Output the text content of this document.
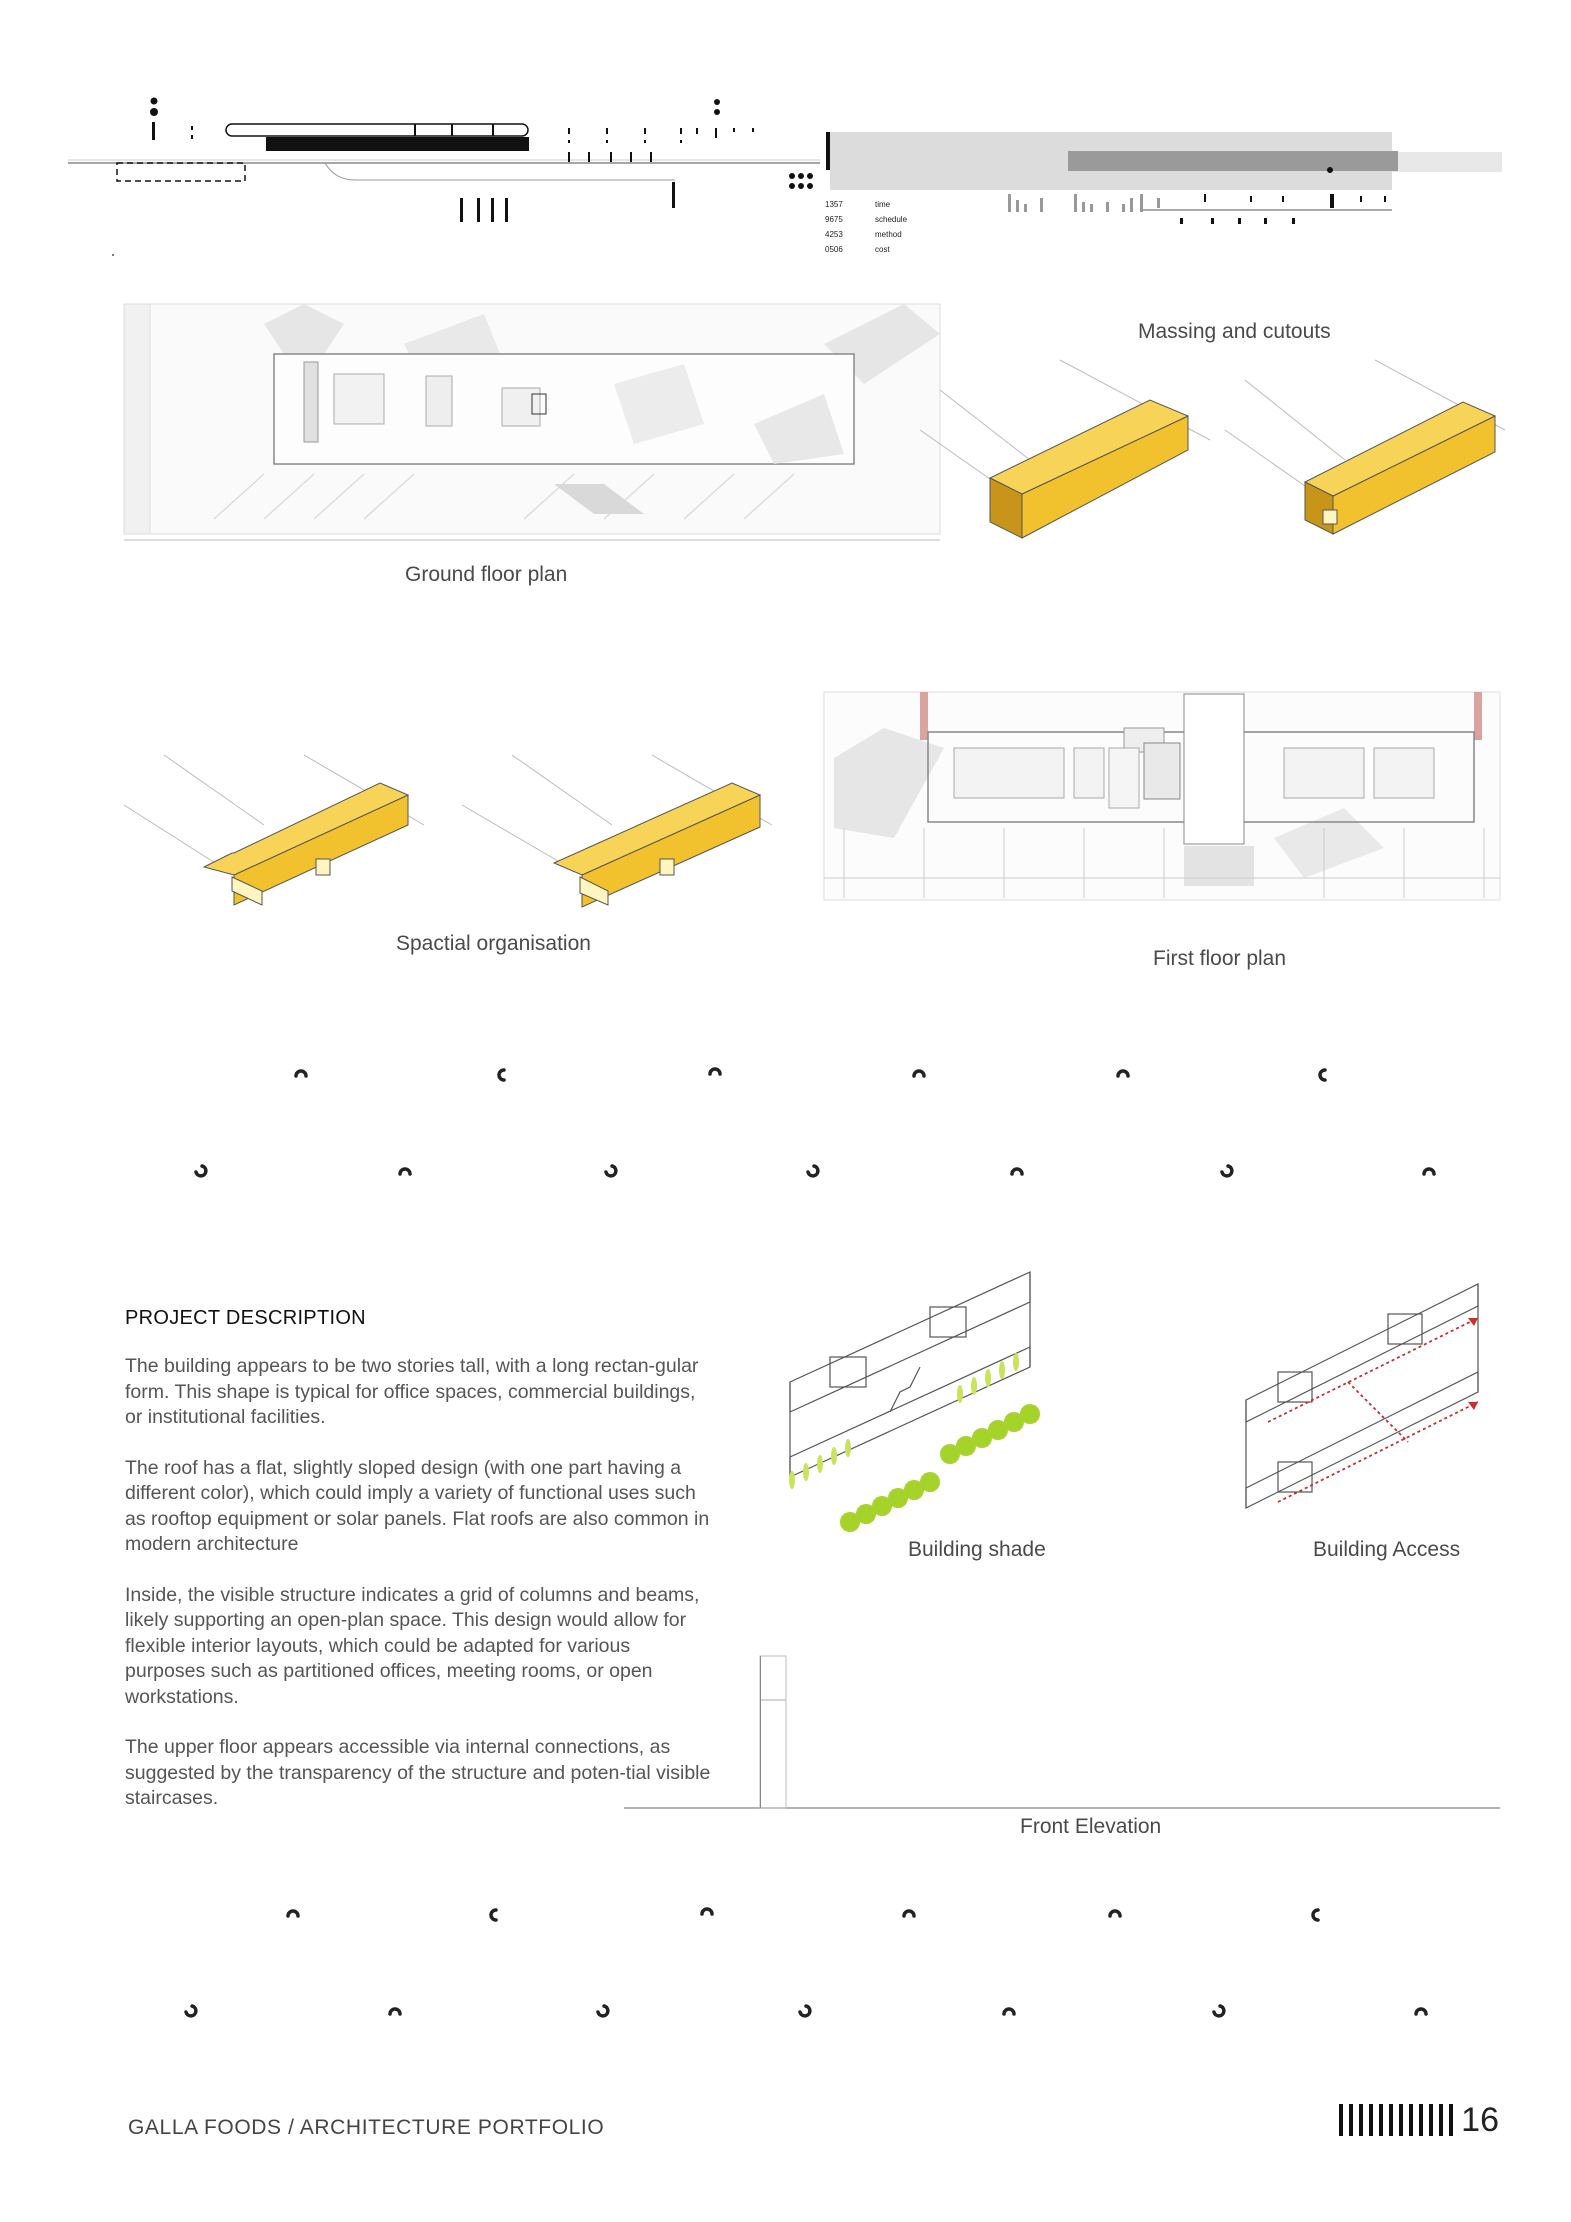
1357	time
9675	schedule
4253	method
0506	cost
Ground floor plan
Massing and cutouts
Spactial organisation
First floor plan
PROJECT DESCRIPTION

The building appears to be two stories tall, with a long rectan-gular form. This shape is typical for office spaces, commercial buildings, or institutional facilities.

The roof has a flat, slightly sloped design (with one part having a different color), which could imply a variety of functional uses such as rooftop equipment or solar panels. Flat roofs are also common in modern architecture

Inside, the visible structure indicates a grid of columns and beams, likely supporting an open-plan space. This design would allow for flexible interior layouts, which could be adapted for various purposes such as partitioned offices, meeting rooms, or open workstations.

The upper floor appears accessible via internal connections, as suggested by the transparency of the structure and poten-tial visible staircases.

Building shade	Building Access
Front Elevation
GALLA FOODS / ARCHITECTURE PORTFOLIO	16
